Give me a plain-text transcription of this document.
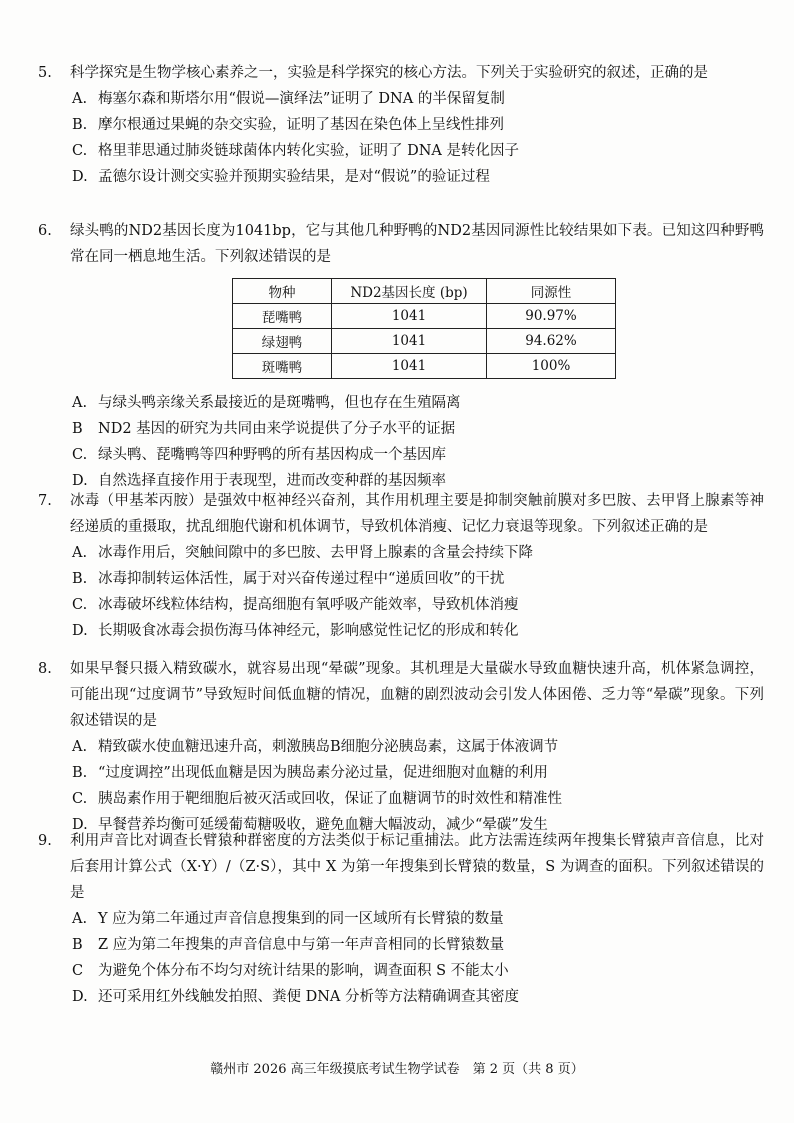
5.	科学探究是生物学核心素养之一，实验是科学探究的核心方法。下列关于实验研究的叙述，正确的是
A. 梅塞尔森和斯塔尔用“假说—演绎法”证明了 DNA 的半保留复制
B. 摩尔根通过果蝇的杂交实验，证明了基因在染色体上呈线性排列
C. 格里菲思通过肺炎链球菌体内转化实验，证明了 DNA 是转化因子
D. 孟德尔设计测交实验并预期实验结果，是对“假说”的验证过程
6.	绿头鸭的ND2基因长度为1041bp，它与其他几种野鸭的ND2基因同源性比较结果如下表。已知这四种野鸭常在同一栖息地生活。下列叙述错误的是
物种	ND2基因长度 (bp)	同源性
琵嘴鸭	1041	90.97%
绿翅鸭	1041	94.62%
斑嘴鸭	1041	100%
A. 与绿头鸭亲缘关系最接近的是斑嘴鸭，但也存在生殖隔离
B	ND2 基因的研究为共同由来学说提供了分子水平的证据
C. 绿头鸭、琵嘴鸭等四种野鸭的所有基因构成一个基因库
D. 自然选择直接作用于表现型，进而改变种群的基因频率
7.	冰毒（甲基苯丙胺）是强效中枢神经兴奋剂，其作用机理主要是抑制突触前膜对多巴胺、去甲肾上腺素等神经递质的重摄取，扰乱细胞代谢和机体调节，导致机体消瘦、记忆力衰退等现象。下列叙述正确的是
A. 冰毒作用后，突触间隙中的多巴胺、去甲肾上腺素的含量会持续下降
B. 冰毒抑制转运体活性，属于对兴奋传递过程中“递质回收”的干扰
C. 冰毒破坏线粒体结构，提高细胞有氧呼吸产能效率，导致机体消瘦
D. 长期吸食冰毒会损伤海马体神经元，影响感觉性记忆的形成和转化
8.	如果早餐只摄入精致碳水，就容易出现“晕碳”现象。其机理是大量碳水导致血糖快速升高，机体紧急调控，可能出现“过度调节”导致短时间低血糖的情况，血糖的剧烈波动会引发人体困倦、乏力等“晕碳”现象。下列叙述错误的是
A. 精致碳水使血糖迅速升高，刺激胰岛B细胞分泌胰岛素，这属于体液调节
B. “过度调控”出现低血糖是因为胰岛素分泌过量，促进细胞对血糖的利用
C. 胰岛素作用于靶细胞后被灭活或回收，保证了血糖调节的时效性和精准性
D. 早餐营养均衡可延缓葡萄糖吸收，避免血糖大幅波动，减少“晕碳”发生
9.	利用声音比对调查长臂猿种群密度的方法类似于标记重捕法。此方法需连续两年搜集长臂猿声音信息，比对后套用计算公式（X·Y）/（Z·S），其中 X 为第一年搜集到长臂猿的数量，S 为调查的面积。下列叙述错误的是
A. Y 应为第二年通过声音信息搜集到的同一区域所有长臂猿的数量
B	Z 应为第二年搜集的声音信息中与第一年声音相同的长臂猿数量
C	为避免个体分布不均匀对统计结果的影响，调查面积 S 不能太小
D. 还可采用红外线触发拍照、粪便 DNA 分析等方法精确调查其密度
赣州市 2026 高三年级摸底考试生物学试卷　第 2 页（共 8 页）
